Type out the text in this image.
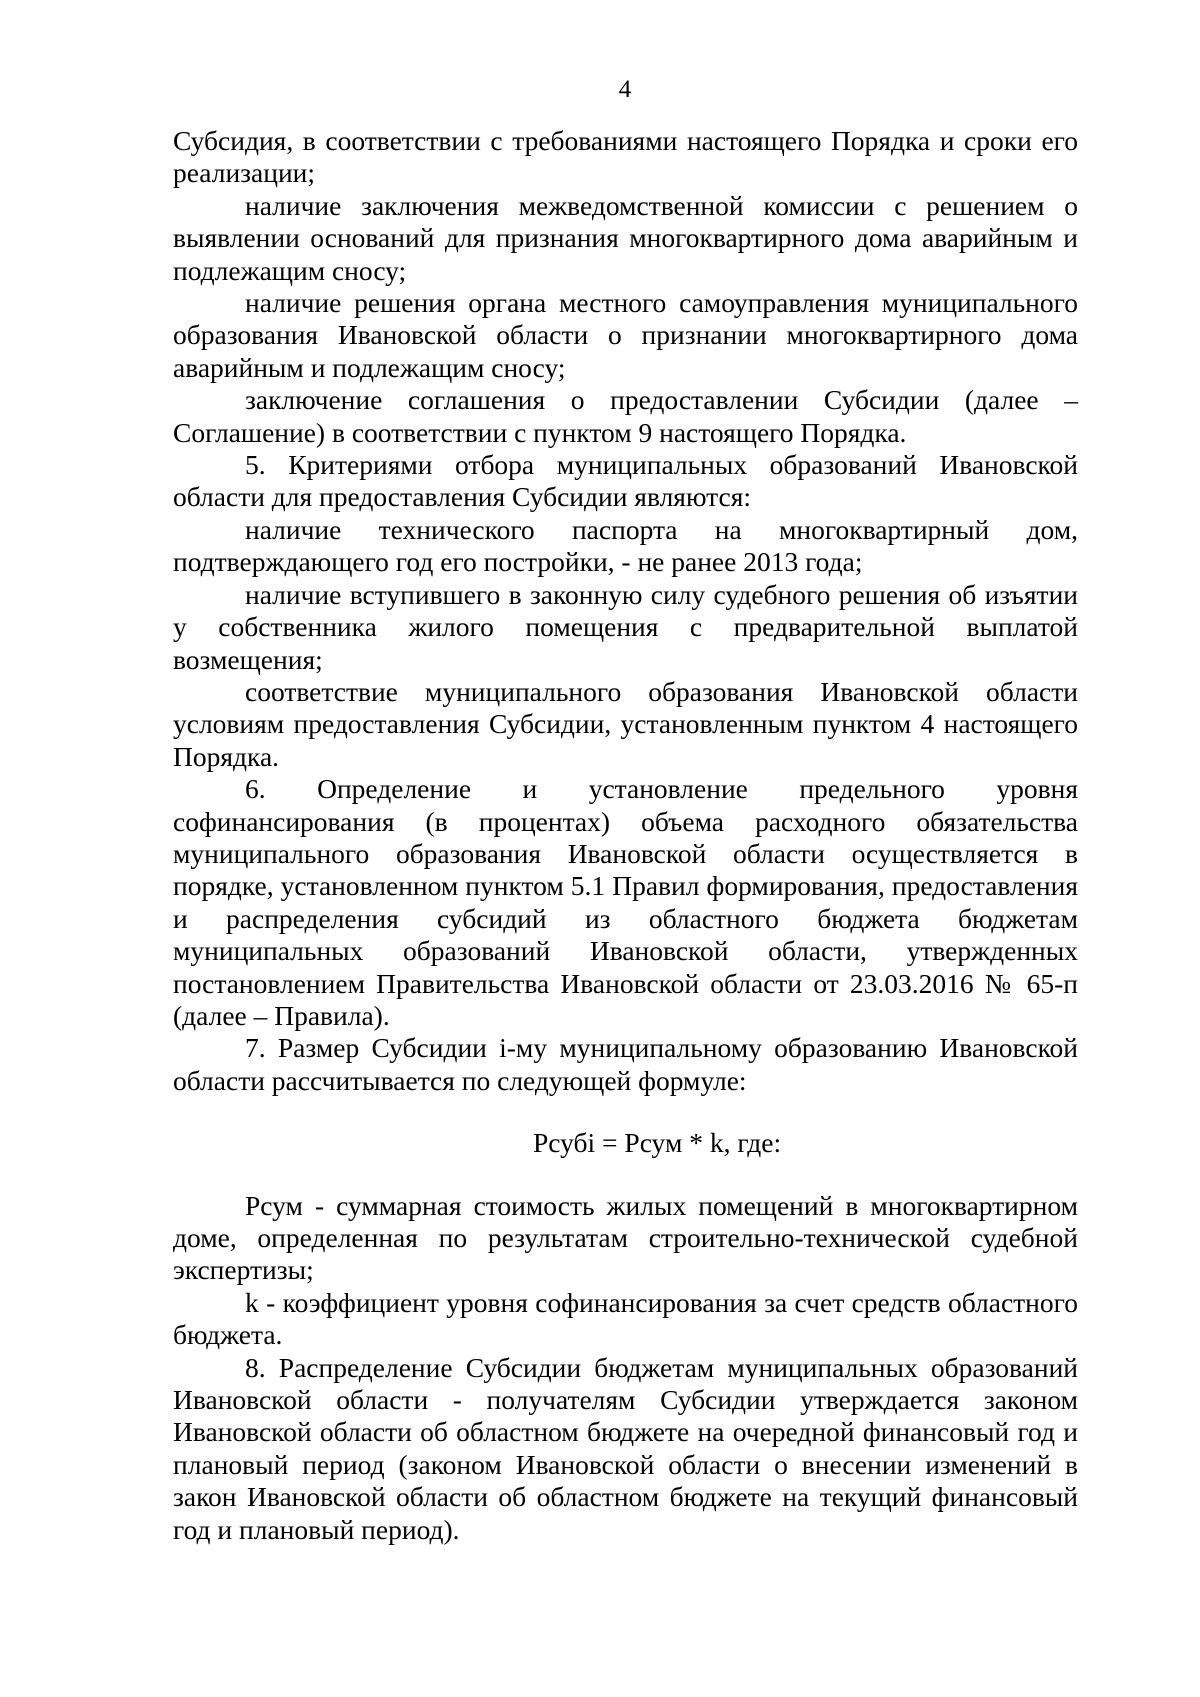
4

Субсидия, в соответствии с требованиями настоящего Порядка и сроки его реализации;

наличие заключения межведомственной комиссии с решением о выявлении оснований для признания многоквартирного дома аварийным и подлежащим сносу;

наличие решения органа местного самоуправления муниципального образования Ивановской области о признании многоквартирного дома аварийным и подлежащим сносу;

заключение соглашения о предоставлении Субсидии (далее – Соглашение) в соответствии с пунктом 9 настоящего Порядка.

5. Критериями отбора муниципальных образований Ивановской области для предоставления Субсидии являются:

наличие технического паспорта на многоквартирный дом, подтверждающего год его постройки, - не ранее 2013 года;

наличие вступившего в законную силу судебного решения об изъятии у собственника жилого помещения с предварительной выплатой возмещения;

соответствие муниципального образования Ивановской области условиям предоставления Субсидии, установленным пунктом 4 настоящего Порядка.

6. Определение и установление предельного уровня софинансирования (в процентах) объема расходного обязательства муниципального образования Ивановской области осуществляется в порядке, установленном пунктом 5.1 Правил формирования, предоставления и распределения субсидий из областного бюджета бюджетам муниципальных образований Ивановской области, утвержденных постановлением Правительства Ивановской области от 23.03.2016 № 65-п (далее – Правила).

7. Размер Субсидии i-му муниципальному образованию Ивановской области рассчитывается по следующей формуле:

Рсубi = Рсум * k, где:

Рсум - суммарная стоимость жилых помещений в многоквартирном доме, определенная по результатам строительно-технической судебной экспертизы;

k - коэффициент уровня софинансирования за счет средств областного бюджета.

8. Распределение Субсидии бюджетам муниципальных образований Ивановской области - получателям Субсидии утверждается законом Ивановской области об областном бюджете на очередной финансовый год и плановый период (законом Ивановской области о внесении изменений в закон Ивановской области об областном бюджете на текущий финансовый год и плановый период).
